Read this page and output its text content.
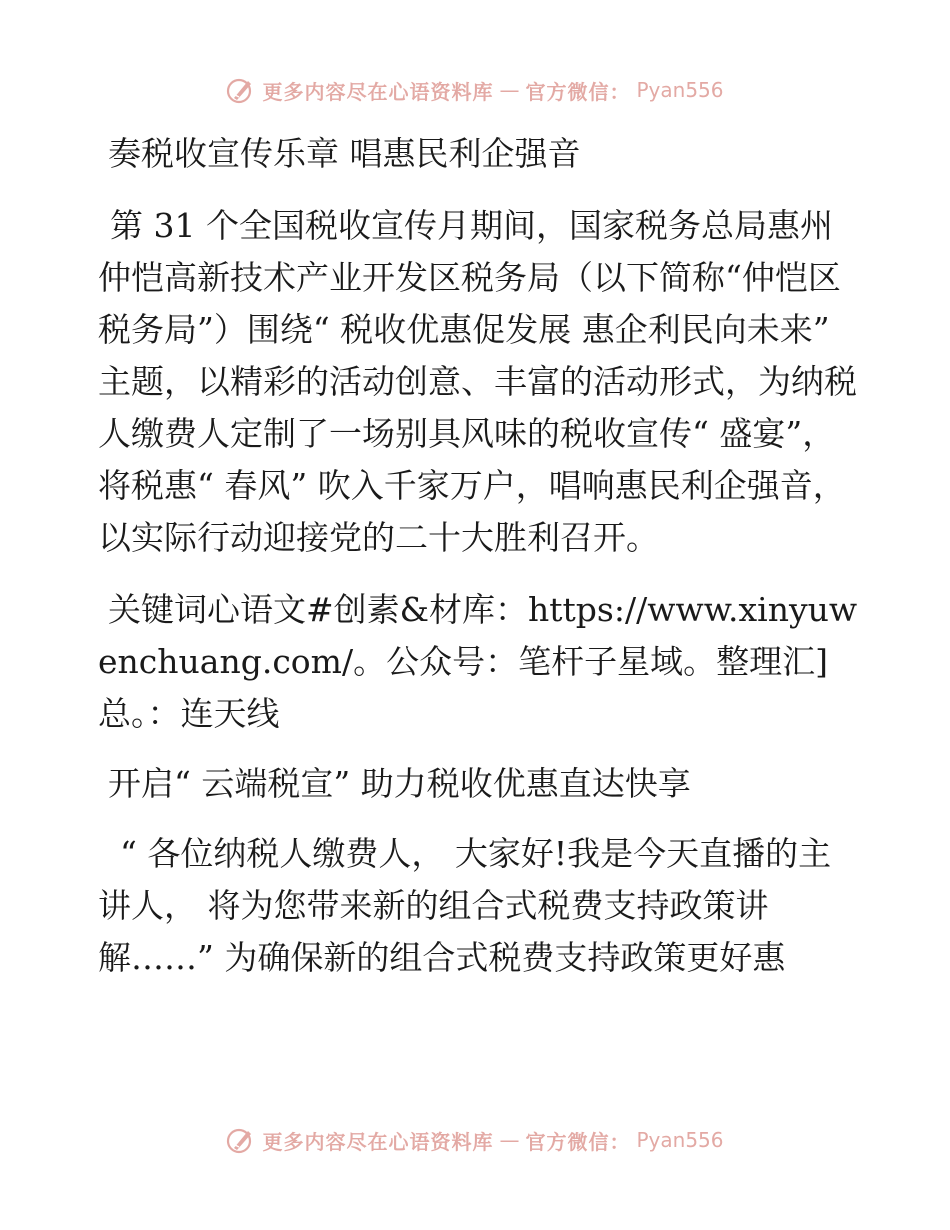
更多内容尽在心语资料库 — 官方微信： Pyan556

奏税收宣传乐章 唱惠民利企强音

第 31 个全国税收宣传月期间，国家税务总局惠州仲恺高新技术产业开发区税务局（以下简称“仲恺区税务局”）围绕“ 税收优惠促发展 惠企利民向未来” 主题，以精彩的活动创意、丰富的活动形式，为纳税人缴费人定制了一场别具风味的税收宣传“ 盛宴”，将税惠“ 春风” 吹入千家万户，唱响惠民利企强音，以实际行动迎接党的二十大胜利召开。

关键词心语文#创素&材库：https://www.xinyuwenchuang.com/。公众号：笔杆子星域。整理汇]总。：连天线

开启“ 云端税宣” 助力税收优惠直达快享

“ 各位纳税人缴费人， 大家好!我是今天直播的主讲人， 将为您带来新的组合式税费支持政策讲解……” 为确保新的组合式税费支持政策更好惠

更多内容尽在心语资料库 — 官方微信： Pyan556
